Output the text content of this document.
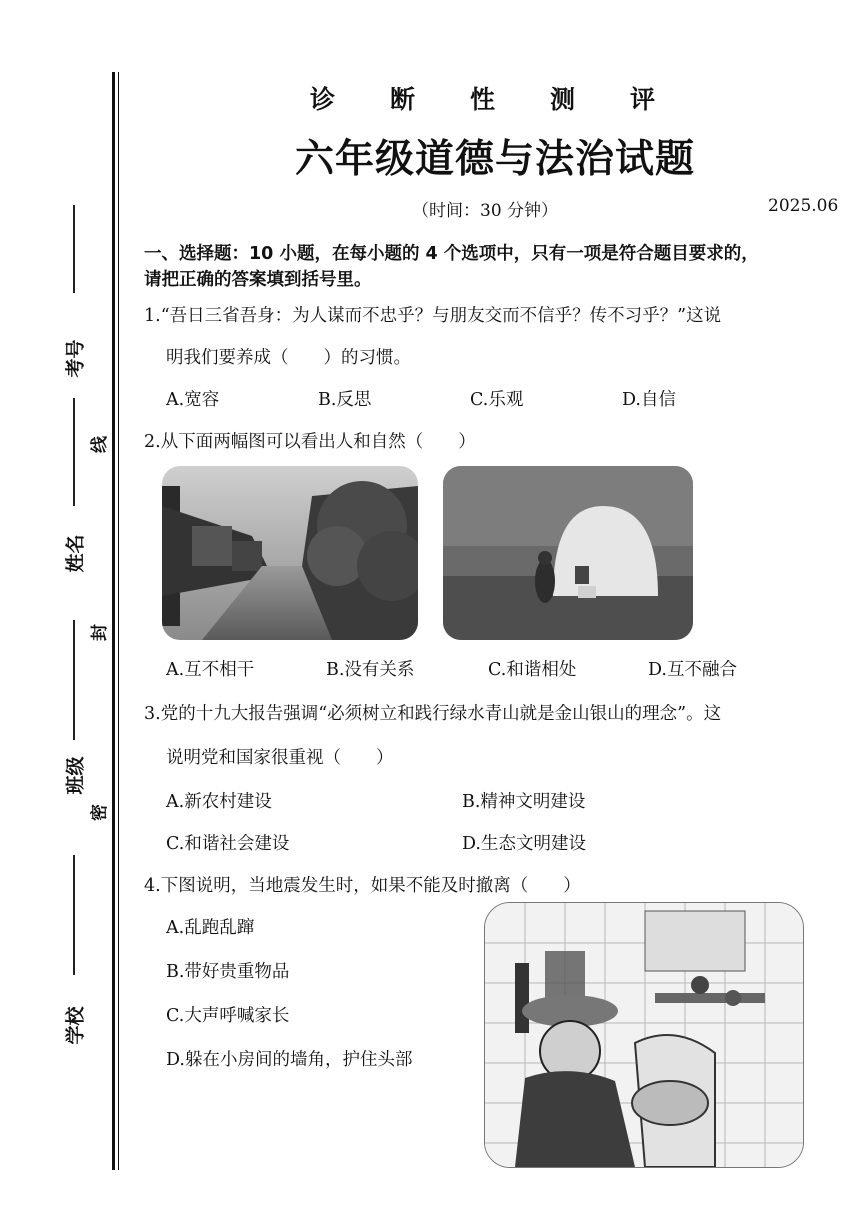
考号
姓名
班级
学校
线
封
密
诊 断 性 测 评
六年级道德与法治试题
（时间：30 分钟）	2025.06
一、选择题：10 小题，在每小题的 4 个选项中，只有一项是符合题目要求的，
请把正确的答案填到括号里。
1.“吾日三省吾身：为人谋而不忠乎？与朋友交而不信乎？传不习乎？”这说
明我们要养成（　　）的习惯。
A.宽容	B.反思	C.乐观	D.自信
2.从下面两幅图可以看出人和自然（　　）
A.互不相干	B.没有关系	C.和谐相处	D.互不融合
3.党的十九大报告强调“必须树立和践行绿水青山就是金山银山的理念”。这
说明党和国家很重视（　　）
A.新农村建设	B.精神文明建设
C.和谐社会建设	D.生态文明建设
4.下图说明，当地震发生时，如果不能及时撤离（　　）
A.乱跑乱蹿
B.带好贵重物品
C.大声呼喊家长
D.躲在小房间的墙角，护住头部
